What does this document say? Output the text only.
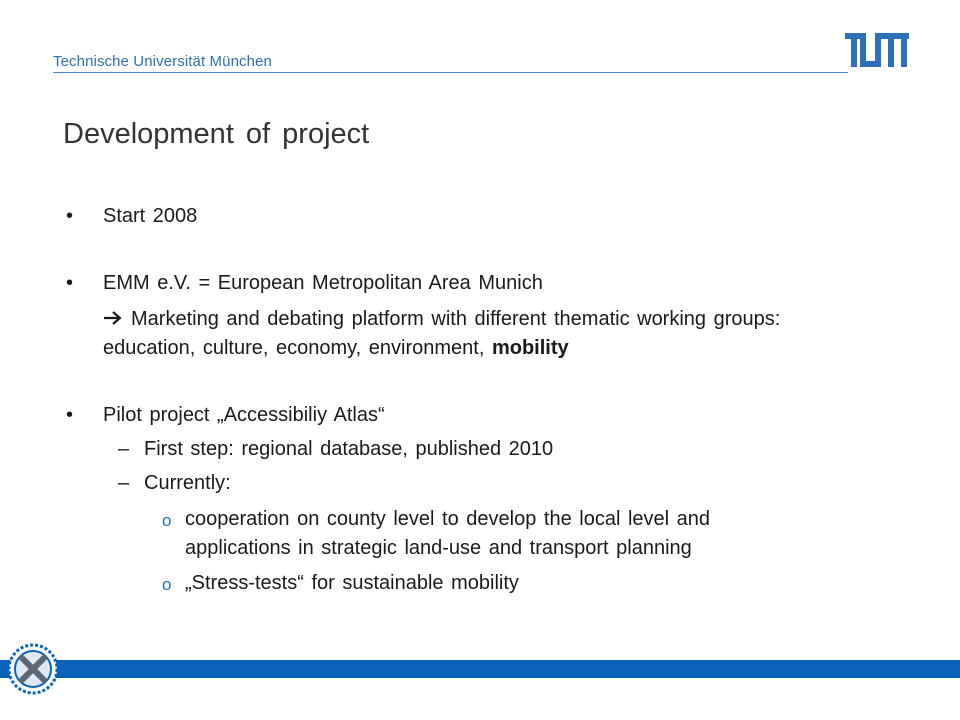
Technische Universität München
Development of project
• Start 2008
• EMM e.V. = European Metropolitan Area Munich
Marketing and debating platform with different thematic working groups:
education, culture, economy, environment, mobility
• Pilot project „Accessibiliy Atlas“
– First step: regional database, published 2010
– Currently:
o cooperation on county level to develop the local level and
applications in strategic land-use and transport planning
o „Stress-tests“ for sustainable mobility
